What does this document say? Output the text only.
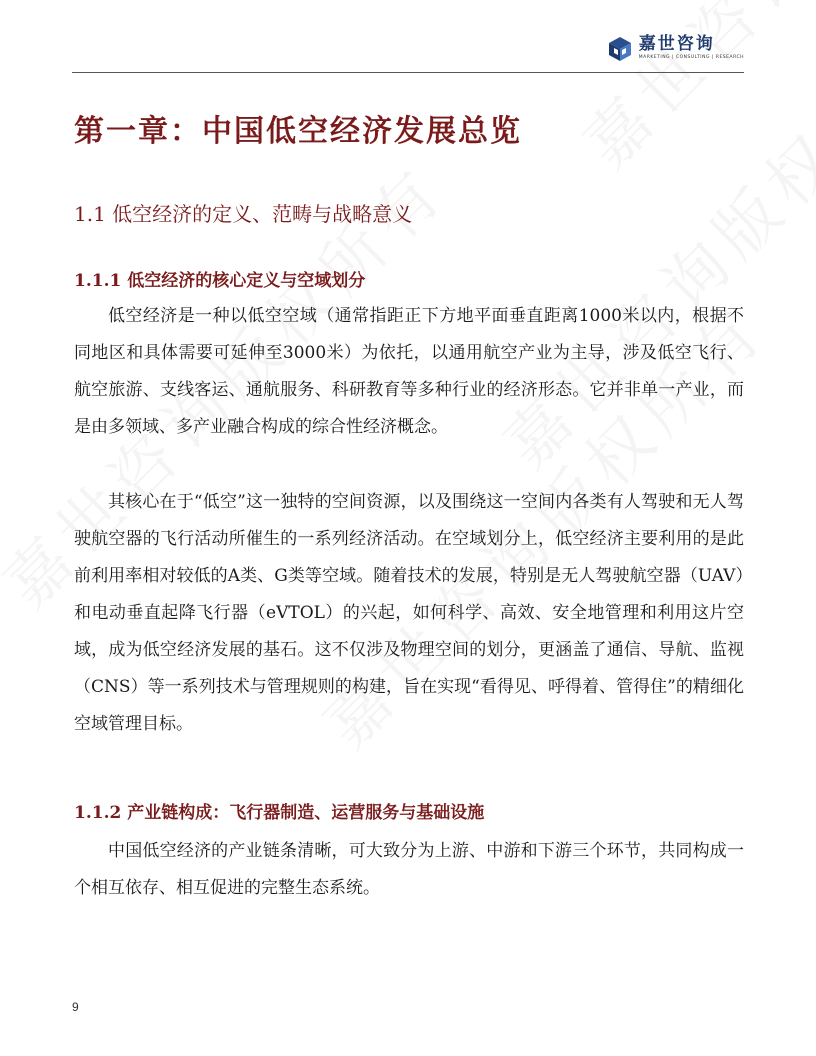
嘉世咨询
MARKETING | CONSULTING | RESEARCH
第一章：中国低空经济发展总览
1.1 低空经济的定义、范畴与战略意义
1.1.1 低空经济的核心定义与空域划分

低空经济是一种以低空空域（通常指距正下方地平面垂直距离1000米以内，根据不同地区和具体需要可延伸至3000米）为依托，以通用航空产业为主导，涉及低空飞行、航空旅游、支线客运、通航服务、科研教育等多种行业的经济形态。它并非单一产业，而是由多领域、多产业融合构成的综合性经济概念。

其核心在于“低空”这一独特的空间资源，以及围绕这一空间内各类有人驾驶和无人驾驶航空器的飞行活动所催生的一系列经济活动。在空域划分上，低空经济主要利用的是此前利用率相对较低的A类、G类等空域。随着技术的发展，特别是无人驾驶航空器（UAV）和电动垂直起降飞行器（eVTOL）的兴起，如何科学、高效、安全地管理和利用这片空域，成为低空经济发展的基石。这不仅涉及物理空间的划分，更涵盖了通信、导航、监视（CNS）等一系列技术与管理规则的构建，旨在实现“看得见、呼得着、管得住”的精细化空域管理目标。

1.1.2 产业链构成：飞行器制造、运营服务与基础设施

中国低空经济的产业链条清晰，可大致分为上游、中游和下游三个环节，共同构成一个相互依存、相互促进的完整生态系统。

9
